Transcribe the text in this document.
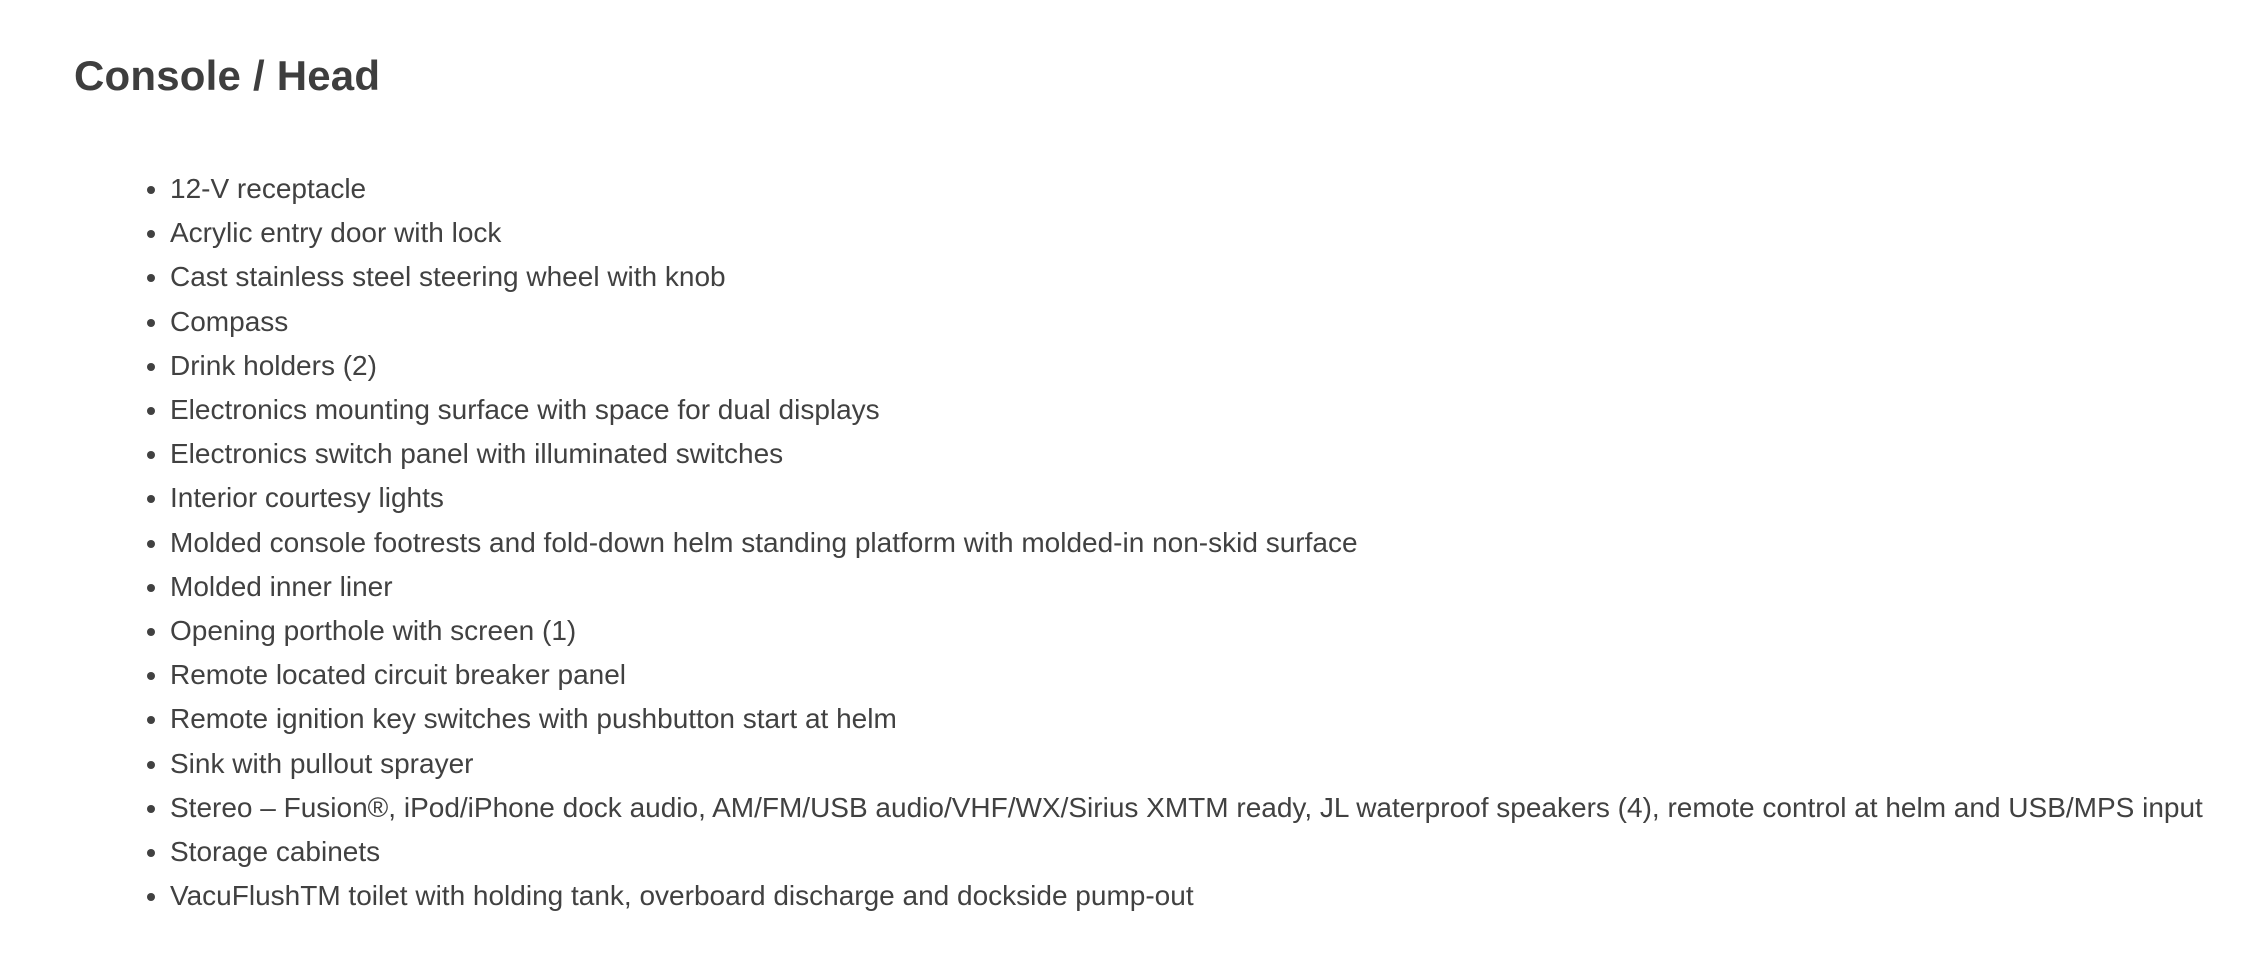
Console / Head
• 12-V receptacle
• Acrylic entry door with lock
• Cast stainless steel steering wheel with knob
• Compass
• Drink holders (2)
• Electronics mounting surface with space for dual displays
• Electronics switch panel with illuminated switches
• Interior courtesy lights
• Molded console footrests and fold-down helm standing platform with molded-in non-skid surface
• Molded inner liner
• Opening porthole with screen (1)
• Remote located circuit breaker panel
• Remote ignition key switches with pushbutton start at helm
• Sink with pullout sprayer
• Stereo – Fusion®, iPod/iPhone dock audio, AM/FM/USB audio/VHF/WX/Sirius XMTM ready, JL waterproof speakers (4), remote control at helm and USB/MPS input
• Storage cabinets
• VacuFlushTM toilet with holding tank, overboard discharge and dockside pump-out
